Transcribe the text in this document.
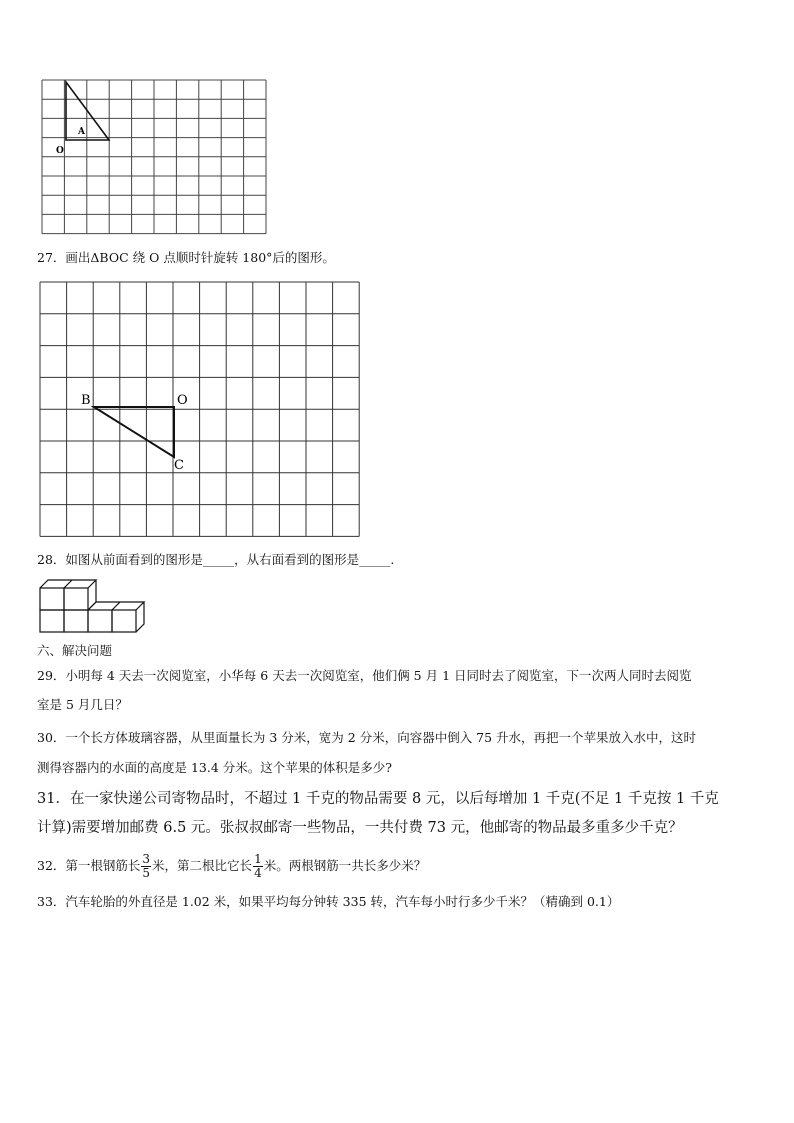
A
O
27．画出ΔBOC 绕 O 点顺时针旋转 180°后的图形。
B	O
C
28．如图从前面看到的图形是_____，从右面看到的图形是_____.
六、解决问题
29．小明每 4 天去一次阅览室，小华每 6 天去一次阅览室，他们俩 5 月 1 日同时去了阅览室，下一次两人同时去阅览
室是 5 月几日？
30．一个长方体玻璃容器，从里面量长为 3 分米，宽为 2 分米，向容器中倒入 75 升水，再把一个苹果放入水中，这时
测得容器内的水面的高度是 13.4 分米。这个苹果的体积是多少?
31．在一家快递公司寄物品时，不超过 1 千克的物品需要 8 元，以后每增加 1 千克(不足 1 千克按 1 千克
计算)需要增加邮费 6.5 元。张叔叔邮寄一些物品，一共付费 73 元，他邮寄的物品最多重多少千克？
32．第一根钢筋长 $\frac{3}{5}$ 米，第二根比它长 $\frac{1}{4}$ 米。两根钢筋一共长多少米？
33．汽车轮胎的外直径是 1.02 米，如果平均每分钟转 335 转，汽车每小时行多少千米？（精确到 0.1）
